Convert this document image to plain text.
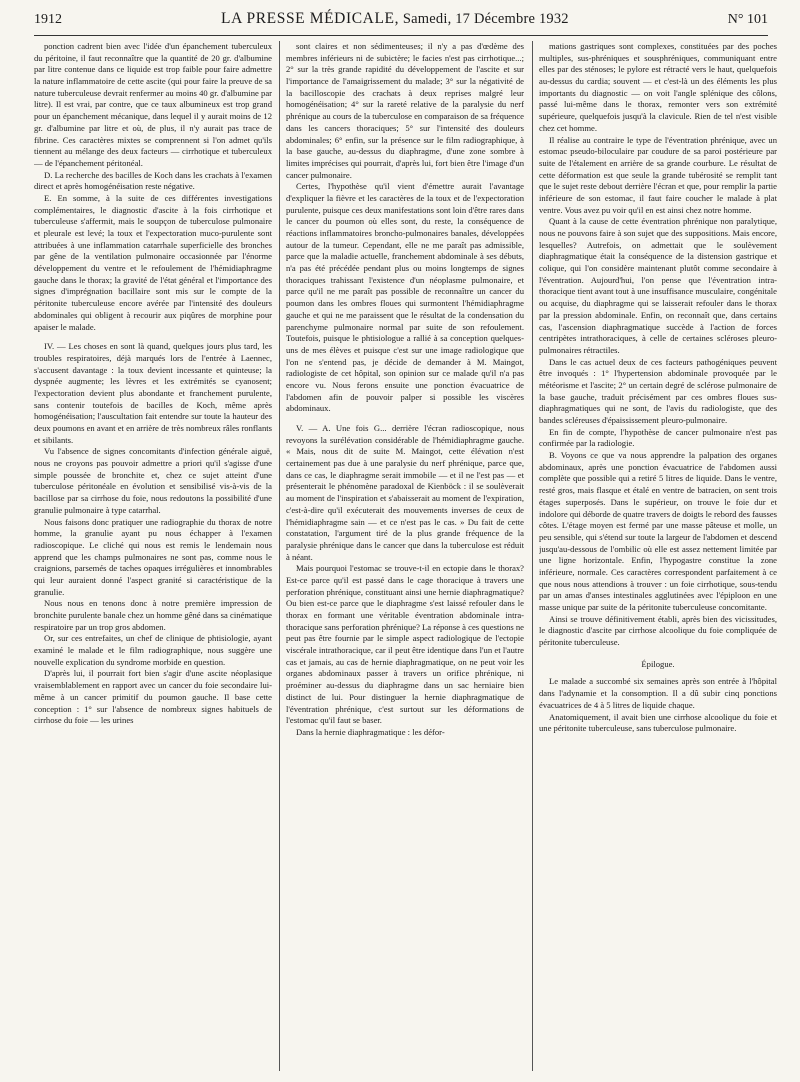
1912	LA PRESSE MÉDICALE, Samedi, 17 Décembre 1932	N° 101

ponction cadrent bien avec l'idée d'un épanchement tuberculeux du péritoine, il faut reconnaître que la quantité de 20 gr. d'albumine par litre contenue dans ce liquide est trop faible pour faire admettre la nature inflammatoire de cette ascite (qui pour faire la preuve de sa nature tuberculeuse devrait renfermer au moins 40 gr. d'albumine par litre). Il est vrai, par contre, que ce taux albumineux est trop grand pour un épanchement mécanique, dans lequel il y aurait moins de 12 gr. d'albumine par litre et où, de plus, il n'y aurait pas trace de fibrine. Ces caractères mixtes se comprennent si l'on admet qu'ils tiennent au mélange des deux facteurs — cirrhotique et tuberculeux — de l'épanchement péritonéal.

D. La recherche des bacilles de Koch dans les crachats à l'examen direct et après homogénéisation reste négative.

E. En somme, à la suite de ces différentes investigations complémentaires, le diagnostic d'ascite à la fois cirrhotique et tuberculeuse s'affermit, mais le soupçon de tuberculose pulmonaire et pleurale est levé; la toux et l'expectoration muco-purulente sont attribuées à une inflammation catarrhale superficielle des bronches par gêne de la ventilation pulmonaire occasionnée par l'énorme développement du ventre et le refoulement de l'hémidiaphragme gauche dans le thorax; la gravité de l'état général et l'importance des signes d'imprégnation bacillaire sont mis sur le compte de la péritonite tuberculeuse encore avérée par l'intensité des douleurs abdominales qui obligent à recourir aux piqûres de morphine pour apaiser le malade.

IV. — Les choses en sont là quand, quelques jours plus tard, les troubles respiratoires, déjà marqués lors de l'entrée à Laennec, s'accusent davantage : la toux devient incessante et quinteuse; la dyspnée augmente; les lèvres et les extrémités se cyanosent; l'expectoration devient plus abondante et franchement purulente, sans contenir toutefois de bacilles de Koch, même après homogénéisation; l'auscultation fait entendre sur toute la hauteur des deux poumons en avant et en arrière de très nombreux râles ronflants et sibilants.

Vu l'absence de signes concomitants d'infection générale aiguë, nous ne croyons pas pouvoir admettre a priori qu'il s'agisse d'une simple poussée de bronchite et, chez ce sujet atteint d'une tuberculose péritonéale en évolution et sensibilisé vis-à-vis de la bacillose par sa cirrhose du foie, nous redoutons la possibilité d'une granulie pulmonaire à type catarrhal.

Nous faisons donc pratiquer une radiographie du thorax de notre homme, la granulie ayant pu nous échapper à l'examen radioscopique. Le cliché qui nous est remis le lendemain nous apprend que les champs pulmonaires ne sont pas, comme nous le craignions, parsemés de taches opaques irrégulières et innombrables qui leur auraient donné l'aspect granité si caractéristique de la granulie.

Nous nous en tenons donc à notre première impression de bronchite purulente banale chez un homme gêné dans sa cinématique respiratoire par un trop gros abdomen.

Or, sur ces entrefaites, un chef de clinique de phtisiologie, ayant examiné le malade et le film radiographique, nous suggère une nouvelle explication du syndrome morbide en question.

D'après lui, il pourrait fort bien s'agir d'une ascite néoplasique vraisemblablement en rapport avec un cancer du foie secondaire lui-même à un cancer primitif du poumon gauche. Il base cette conception : 1° sur l'absence de nombreux signes habituels de cirrhose du foie — les urines

sont claires et non sédimenteuses; il n'y a pas d'œdème des membres inférieurs ni de subictère; le facies n'est pas cirrhotique...; 2° sur la très grande rapidité du développement de l'ascite et sur l'importance de l'amaigrissement du malade; 3° sur la négativité de la bacilloscopie des crachats à deux reprises malgré leur homogénéisation; 4° sur la rareté relative de la paralysie du nerf phrénique au cours de la tuberculose en comparaison de sa fréquence dans les cancers thoraciques; 5° sur l'intensité des douleurs abdominales; 6° enfin, sur la présence sur le film radiographique, à la base gauche, au-dessus du diaphragme, d'une zone sombre à limites imprécises qui pourrait, d'après lui, fort bien être l'image d'un cancer pulmonaire.

Certes, l'hypothèse qu'il vient d'émettre aurait l'avantage d'expliquer la fièvre et les caractères de la toux et de l'expectoration purulente, puisque ces deux manifestations sont loin d'être rares dans le cancer du poumon où elles sont, du reste, la conséquence de réactions inflammatoires broncho-pulmonaires banales, développées autour de la tumeur. Cependant, elle ne me paraît pas admissible, parce que la maladie actuelle, franchement abdominale à ses débuts, n'a pas été précédée pendant plus ou moins longtemps de signes thoraciques trahissant l'existence d'un néoplasme pulmonaire, et parce qu'il ne me paraît pas possible de reconnaître un cancer du poumon dans les ombres floues qui surmontent l'hémidiaphragme gauche et qui ne me paraissent que le résultat de la condensation du parenchyme pulmonaire normal par suite de son refoulement. Toutefois, puisque le phtisiologue a rallié à sa conception quelques-uns de mes élèves et puisque c'est sur une image radiologique que l'on ne s'entend pas, je décide de demander à M. Maingot, radiologiste de cet hôpital, son opinion sur ce malade qu'il n'a pas encore vu. Nous ferons ensuite une ponction évacuatrice de l'abdomen afin de pouvoir palper si possible les viscères abdominaux.

V. — A. Une fois G... derrière l'écran radioscopique, nous revoyons la surélévation considérable de l'hémidiaphragme gauche. « Mais, nous dit de suite M. Maingot, cette élévation n'est certainement pas due à une paralysie du nerf phrénique, parce que, dans ce cas, le diaphragme serait immobile — et il ne l'est pas — et présenterait le phénomène paradoxal de Kienböck : il se soulèverait au moment de l'inspiration et s'abaisserait au moment de l'expiration, c'est-à-dire qu'il exécuterait des mouvements inverses de ceux de l'hémidiaphragme sain — et ce n'est pas le cas. » Du fait de cette constatation, l'argument tiré de la plus grande fréquence de la paralysie phrénique dans le cancer que dans la tuberculose est réduit à néant.

Mais pourquoi l'estomac se trouve-t-il en ectopie dans le thorax? Est-ce parce qu'il est passé dans le cage thoracique à travers une perforation phrénique, constituant ainsi une hernie diaphragmatique? Ou bien est-ce parce que le diaphragme s'est laissé refouler dans le thorax en formant une véritable éventration abdominale intra-thoracique sans perforation phrénique? La réponse à ces questions ne peut pas être fournie par le simple aspect radiologique de l'ectopie viscérale intrathoracique, car il peut être identique dans l'un et l'autre cas et jamais, au cas de hernie diaphragmatique, on ne peut voir les organes abdominaux passer à travers un orifice phrénique, ni proéminer au-dessus du diaphragme dans un sac herniaire bien distinct de lui. Pour distinguer la hernie diaphragmatique de l'éventration phrénique, c'est surtout sur les déformations de l'estomac qu'il faut se baser.

Dans la hernie diaphragmatique : les défor-

mations gastriques sont complexes, constituées par des poches multiples, sus-phréniques et sousphréniques, communiquant entre elles par des sténoses; le pylore est rétracté vers le haut, quelquefois au-dessus du cardia; souvent — et c'est-là un des éléments les plus importants du diagnostic — on voit l'angle splénique des côlons, passé lui-même dans le thorax, remonter vers son extrémité supérieure, quelquefois jusqu'à la clavicule. Rien de tel n'est visible chez cet homme.

Il réalise au contraire le type de l'éventration phrénique, avec un estomac pseudo-biloculaire par coudure de sa paroi postérieure par suite de l'étalement en arrière de sa grande courbure. Le résultat de cette déformation est que seule la grande tubérosité se remplit tant que le sujet reste debout derrière l'écran et que, pour remplir la partie inférieure de son estomac, il faut faire coucher le malade à plat ventre. Vous avez pu voir qu'il en est ainsi chez notre homme.

Quant à la cause de cette éventration phrénique non paralytique, nous ne pouvons faire à son sujet que des suppositions. Mais encore, lesquelles? Autrefois, on admettait que le soulèvement diaphragmatique était la conséquence de la distension gastrique et colique, qui l'on considère maintenant plutôt comme secondaire à l'éventration. Aujourd'hui, l'on pense que l'éventration intra-thoracique tient avant tout à une insuffisance musculaire, congénitale ou acquise, du diaphragme qui se laisserait refouler dans le thorax par la pression abdominale. Enfin, on reconnaît que, dans certains cas, l'ascension diaphragmatique succède à l'action de forces centripètes intrathoraciques, à celle de certaines scléroses pleuro-pulmonaires rétractiles.

Dans le cas actuel deux de ces facteurs pathogéniques peuvent être invoqués : 1° l'hypertension abdominale provoquée par le météorisme et l'ascite; 2° un certain degré de sclérose pulmonaire de la base gauche, traduit précisément par ces ombres floues sus-diaphragmatiques qui ne sont, de l'avis du radiologiste, que des bandes scléreuses d'épaississement pleuro-pulmonaire.

En fin de compte, l'hypothèse de cancer pulmonaire n'est pas confirmée par la radiologie.

B. Voyons ce que va nous apprendre la palpation des organes abdominaux, après une ponction évacuatrice de l'abdomen aussi complète que possible qui a retiré 5 litres de liquide. Dans le ventre, resté gros, mais flasque et étalé en ventre de batracien, on sent trois étages superposés. Dans le supérieur, on trouve le foie dur et indolore qui déborde de quatre travers de doigts le rebord des fausses côtes. L'étage moyen est fermé par une masse pâteuse et molle, un peu sensible, qui s'étend sur toute la largeur de l'abdomen et descend jusqu'au-dessous de l'ombilic où elle est assez nettement limitée par une ligne horizontale. Enfin, l'hypogastre constitue la zone inférieure, normale. Ces caractères correspondent parfaitement à ce que nous nous attendions à trouver : un foie cirrhotique, sous-tendu par un amas d'anses intestinales agglutinées avec l'épiploon en une masse unique par suite de la péritonite tuberculeuse concomitante.

Ainsi se trouve définitivement établi, après bien des vicissitudes, le diagnostic d'ascite par cirrhose alcoolique du foie compliquée de péritonite tuberculeuse.

Épilogue.

Le malade a succombé six semaines après son entrée à l'hôpital dans l'adynamie et la consomption. Il a dû subir cinq ponctions évacuatrices de 4 à 5 litres de liquide chaque.

Anatomiquement, il avait bien une cirrhose alcoolique du foie et une péritonite tuberculeuse, sans tuberculose pulmonaire.
